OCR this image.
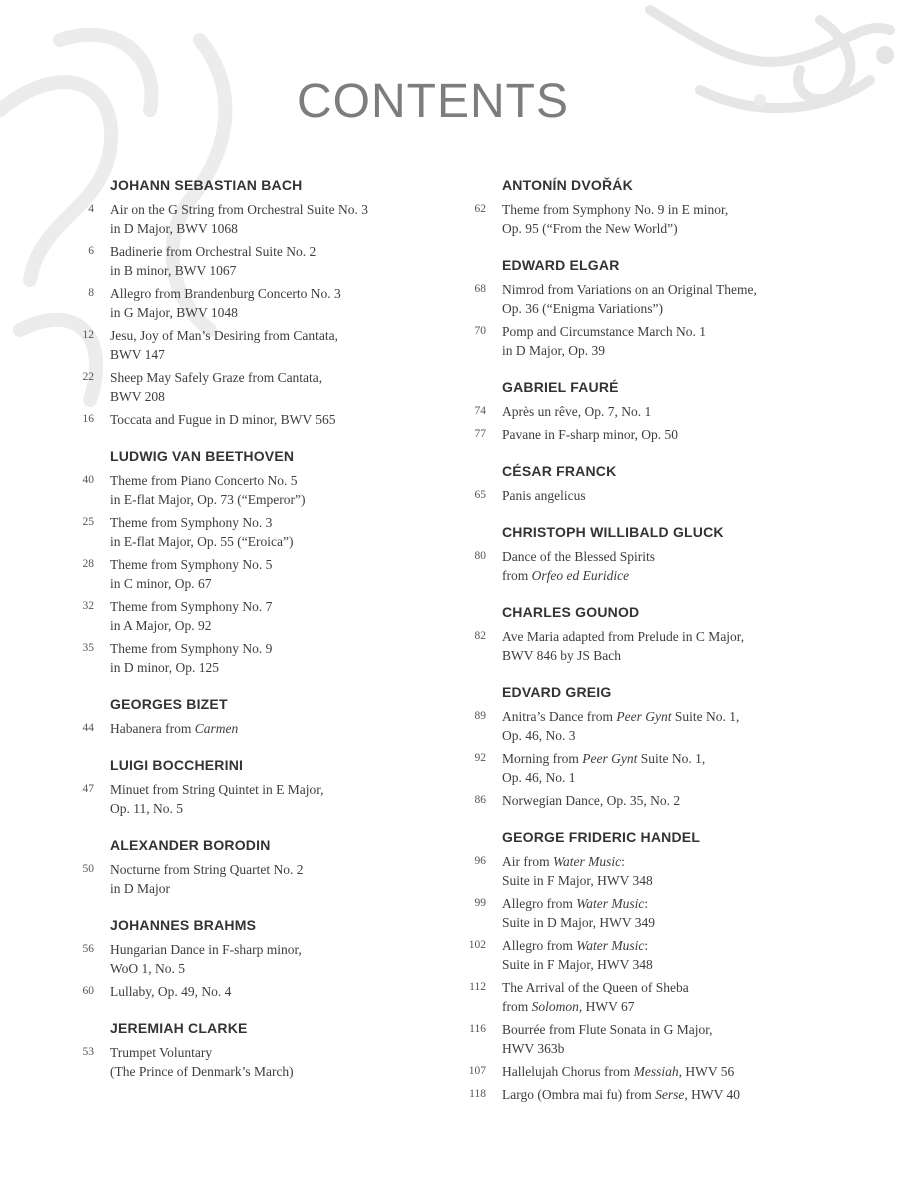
CONTENTS
JOHANN SEBASTIAN BACH
4 Air on the G String from Orchestral Suite No. 3
in D Major, BWV 1068
6 Badinerie from Orchestral Suite No. 2
in B minor, BWV 1067
8 Allegro from Brandenburg Concerto No. 3
in G Major, BWV 1048
12 Jesu, Joy of Man’s Desiring from Cantata,
BWV 147
22 Sheep May Safely Graze from Cantata,
BWV 208
16 Toccata and Fugue in D minor, BWV 565
LUDWIG VAN BEETHOVEN
40 Theme from Piano Concerto No. 5
in E-flat Major, Op. 73 (“Emperor”)
25 Theme from Symphony No. 3
in E-flat Major, Op. 55 (“Eroica”)
28 Theme from Symphony No. 5
in C minor, Op. 67
32 Theme from Symphony No. 7
in A Major, Op. 92
35 Theme from Symphony No. 9
in D minor, Op. 125
GEORGES BIZET
44 Habanera from Carmen
LUIGI BOCCHERINI
47 Minuet from String Quintet in E Major,
Op. 11, No. 5
ALEXANDER BORODIN
50 Nocturne from String Quartet No. 2
in D Major
JOHANNES BRAHMS
56 Hungarian Dance in F-sharp minor,
WoO 1, No. 5
60 Lullaby, Op. 49, No. 4
JEREMIAH CLARKE
53 Trumpet Voluntary
(The Prince of Denmark’s March)
ANTONÍN DVOŘÁK
62 Theme from Symphony No. 9 in E minor,
Op. 95 (“From the New World”)
EDWARD ELGAR
68 Nimrod from Variations on an Original Theme,
Op. 36 (“Enigma Variations”)
70 Pomp and Circumstance March No. 1
in D Major, Op. 39
GABRIEL FAURÉ
74 Après un rêve, Op. 7, No. 1
77 Pavane in F-sharp minor, Op. 50
CÉSAR FRANCK
65 Panis angelicus
CHRISTOPH WILLIBALD GLUCK
80 Dance of the Blessed Spirits
from Orfeo ed Euridice
CHARLES GOUNOD
82 Ave Maria adapted from Prelude in C Major,
BWV 846 by JS Bach
EDVARD GREIG
89 Anitra’s Dance from Peer Gynt Suite No. 1,
Op. 46, No. 3
92 Morning from Peer Gynt Suite No. 1,
Op. 46, No. 1
86 Norwegian Dance, Op. 35, No. 2
GEORGE FRIDERIC HANDEL
96 Air from Water Music:
Suite in F Major, HWV 348
99 Allegro from Water Music:
Suite in D Major, HWV 349
102 Allegro from Water Music:
Suite in F Major, HWV 348
112 The Arrival of the Queen of Sheba
from Solomon, HWV 67
116 Bourrée from Flute Sonata in G Major,
HWV 363b
107 Hallelujah Chorus from Messiah, HWV 56
118 Largo (Ombra mai fu) from Serse, HWV 40
